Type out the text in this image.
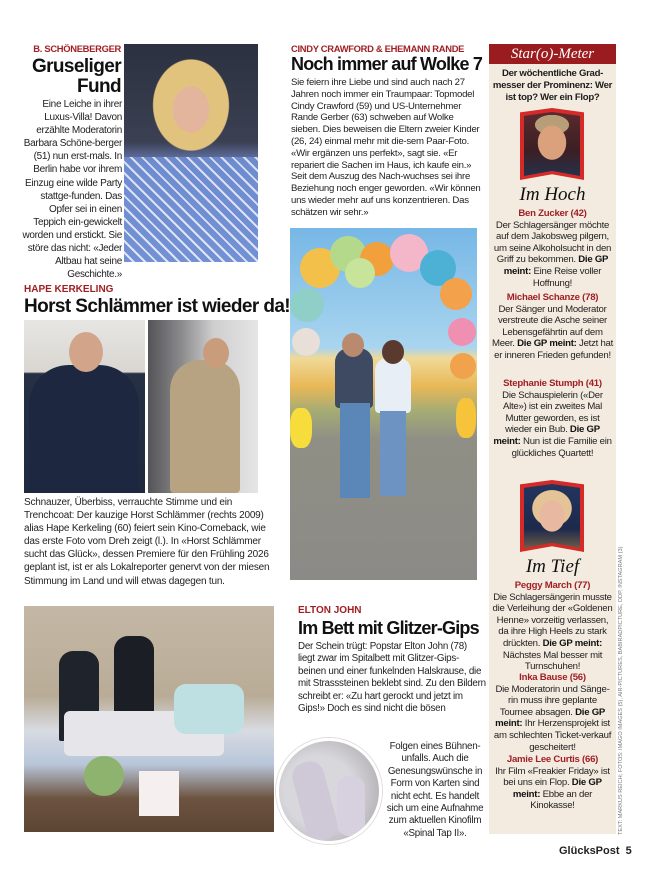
B. SCHÖNEBERGER
Gruseliger Fund
Eine Leiche in ihrer Luxus-Villa! Davon erzählte Moderatorin Barbara Schöne-berger (51) nun erst-mals. In Berlin habe vor ihrem Einzug eine wilde Party stattge-funden. Das Opfer sei in einen Teppich ein-gewickelt worden und erstickt. Sie störe das nicht: «Jeder Altbau hat seine Geschichte.»
HAPE KERKELING
Horst Schlämmer ist wieder da!
Schnauzer, Überbiss, verrauchte Stimme und ein Trenchcoat: Der kauzige Horst Schlämmer (rechts 2009) alias Hape Kerkeling (60) feiert sein Kino-Comeback, wie das erste Foto vom Dreh zeigt (l.). In «Horst Schlämmer sucht das Glück», dessen Premiere für den Frühling 2026 geplant ist, ist er als Lokalreporter genervt von der miesen Stimmung im Land und will etwas dagegen tun.
CINDY CRAWFORD & EHEMANN RANDE
Noch immer auf Wolke 7
Sie feiern ihre Liebe und sind auch nach 27 Jahren noch immer ein Traumpaar: Topmodel Cindy Crawford (59) und US-Unternehmer Rande Gerber (63) schweben auf Wolke sieben. Dies beweisen die Eltern zweier Kinder (26, 24) einmal mehr mit die-sem Paar-Foto. «Wir ergänzen uns perfekt», sagt sie. «Er repariert die Sachen im Haus, ich kaufe ein.» Seit dem Auszug des Nach-wuchses sei ihre Beziehung noch enger geworden. «Wir können uns wieder mehr auf uns konzentrieren. Das schätzen wir sehr.»
ELTON JOHN
Im Bett mit Glitzer-Gips
Der Schein trügt: Popstar Elton John (78) liegt zwar im Spitalbett mit Glitzer-Gips-beinen und einer funkelnden Halskrause, die mit Strasssteinen beklebt sind. Zu den Bildern schreibt er: «Zu hart gerockt und jetzt im Gips!» Doch es sind nicht die bösen
Folgen eines Bühnen-unfalls. Auch die Genesungswünsche in Form von Karten sind nicht echt. Es handelt sich um eine Aufnahme zum aktuellen Kinofilm «Spinal Tap II».
Star(o)-Meter
Der wöchentliche Grad-messer der Prominenz: Wer ist top? Wer ein Flop?
Im Hoch
Ben Zucker (42)
Der Schlagersänger möchte auf dem Jakobsweg pilgern, um seine Alkoholsucht in den Griff zu bekommen. Die GP meint: Eine Reise voller Hoffnung!
Michael Schanze (78)
Der Sänger und Moderator verstreute die Asche seiner Lebensgefährtin auf dem Meer. Die GP meint: Jetzt hat er inneren Frieden gefunden!
Stephanie Stumph (41)
Die Schauspielerin («Der Alte») ist ein zweites Mal Mutter geworden, es ist wieder ein Bub. Die GP meint: Nun ist die Familie ein glückliches Quartett!
Im Tief
Peggy March (77)
Die Schlagersängerin musste die Verleihung der «Goldenen Henne» vorzeitig verlassen, da ihre High Heels zu stark drückten. Die GP meint: Nächstes Mal besser mit Turnschuhen!
Inka Bause (56)
Die Moderatorin und Sänge-rin muss ihre geplante Tournee absagen. Die GP meint: Ihr Herzensprojekt ist am schlechten Ticket-verkauf gescheitert!
Jamie Lee Curtis (66)
Ihr Film «Freakier Friday» ist bei uns ein Flop. Die GP meint: Ebbe an der Kinokasse!	TEXT: MARKUS REICH; FOTOS: IMAGO IMAGES (5), AIR-PICTURES, BABIRADPICTURE, DDP, INSTAGRAM (3)
GlücksPost 5
